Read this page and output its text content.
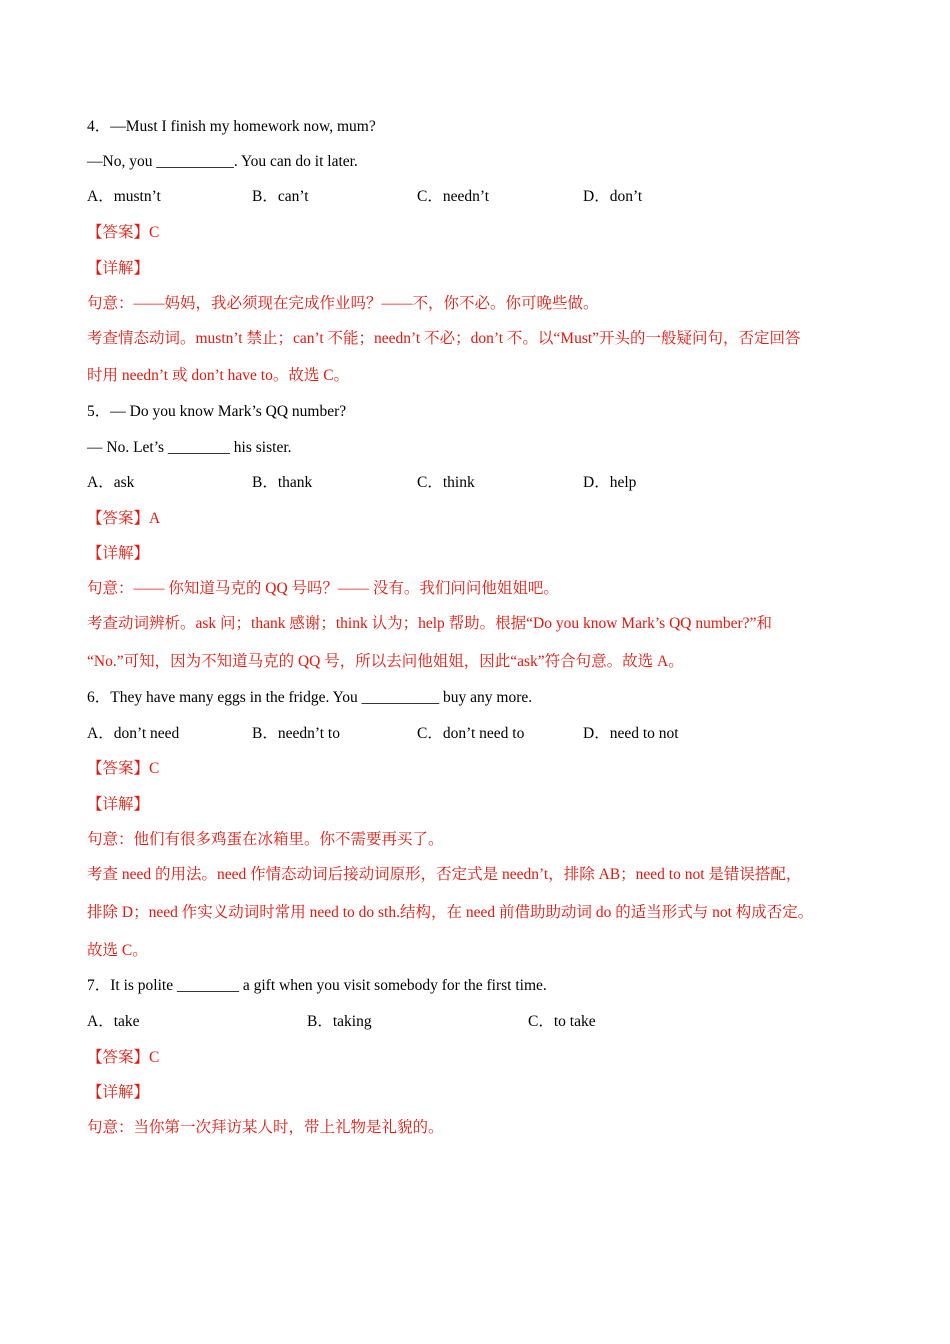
4．—Must I finish my homework now, mum?
—No, you __________. You can do it later.
A．mustn’t	B．can’t	C．needn’t	D．don’t
【答案】C
【详解】
句意：——妈妈，我必须现在完成作业吗？——不，你不必。你可晚些做。
考查情态动词。mustn’t 禁止；can’t 不能；needn’t 不必；don’t 不。以“Must”开头的一般疑问句，否定回答
时用 needn’t 或 don’t have to。故选 C。
5．— Do you know Mark’s QQ number?
— No. Let’s ________ his sister.
A．ask	B．thank	C．think	D．help
【答案】A
【详解】
句意：—— 你知道马克的 QQ 号吗？—— 没有。我们问问他姐姐吧。
考查动词辨析。ask 问；thank 感谢；think 认为；help 帮助。根据“Do you know Mark’s QQ number?”和
“No.”可知，因为不知道马克的 QQ 号，所以去问他姐姐，因此“ask”符合句意。故选 A。
6．They have many eggs in the fridge. You __________ buy any more.
A．don’t need	B．needn’t to	C．don’t need to	D．need to not
【答案】C
【详解】
句意：他们有很多鸡蛋在冰箱里。你不需要再买了。
考查 need 的用法。need 作情态动词后接动词原形，否定式是 needn’t，排除 AB；need to not 是错误搭配，
排除 D；need 作实义动词时常用 need to do sth.结构，在 need 前借助助动词 do 的适当形式与 not 构成否定。
故选 C。
7．It is polite ________ a gift when you visit somebody for the first time.
A．take	B．taking	C．to take
【答案】C
【详解】
句意：当你第一次拜访某人时，带上礼物是礼貌的。
